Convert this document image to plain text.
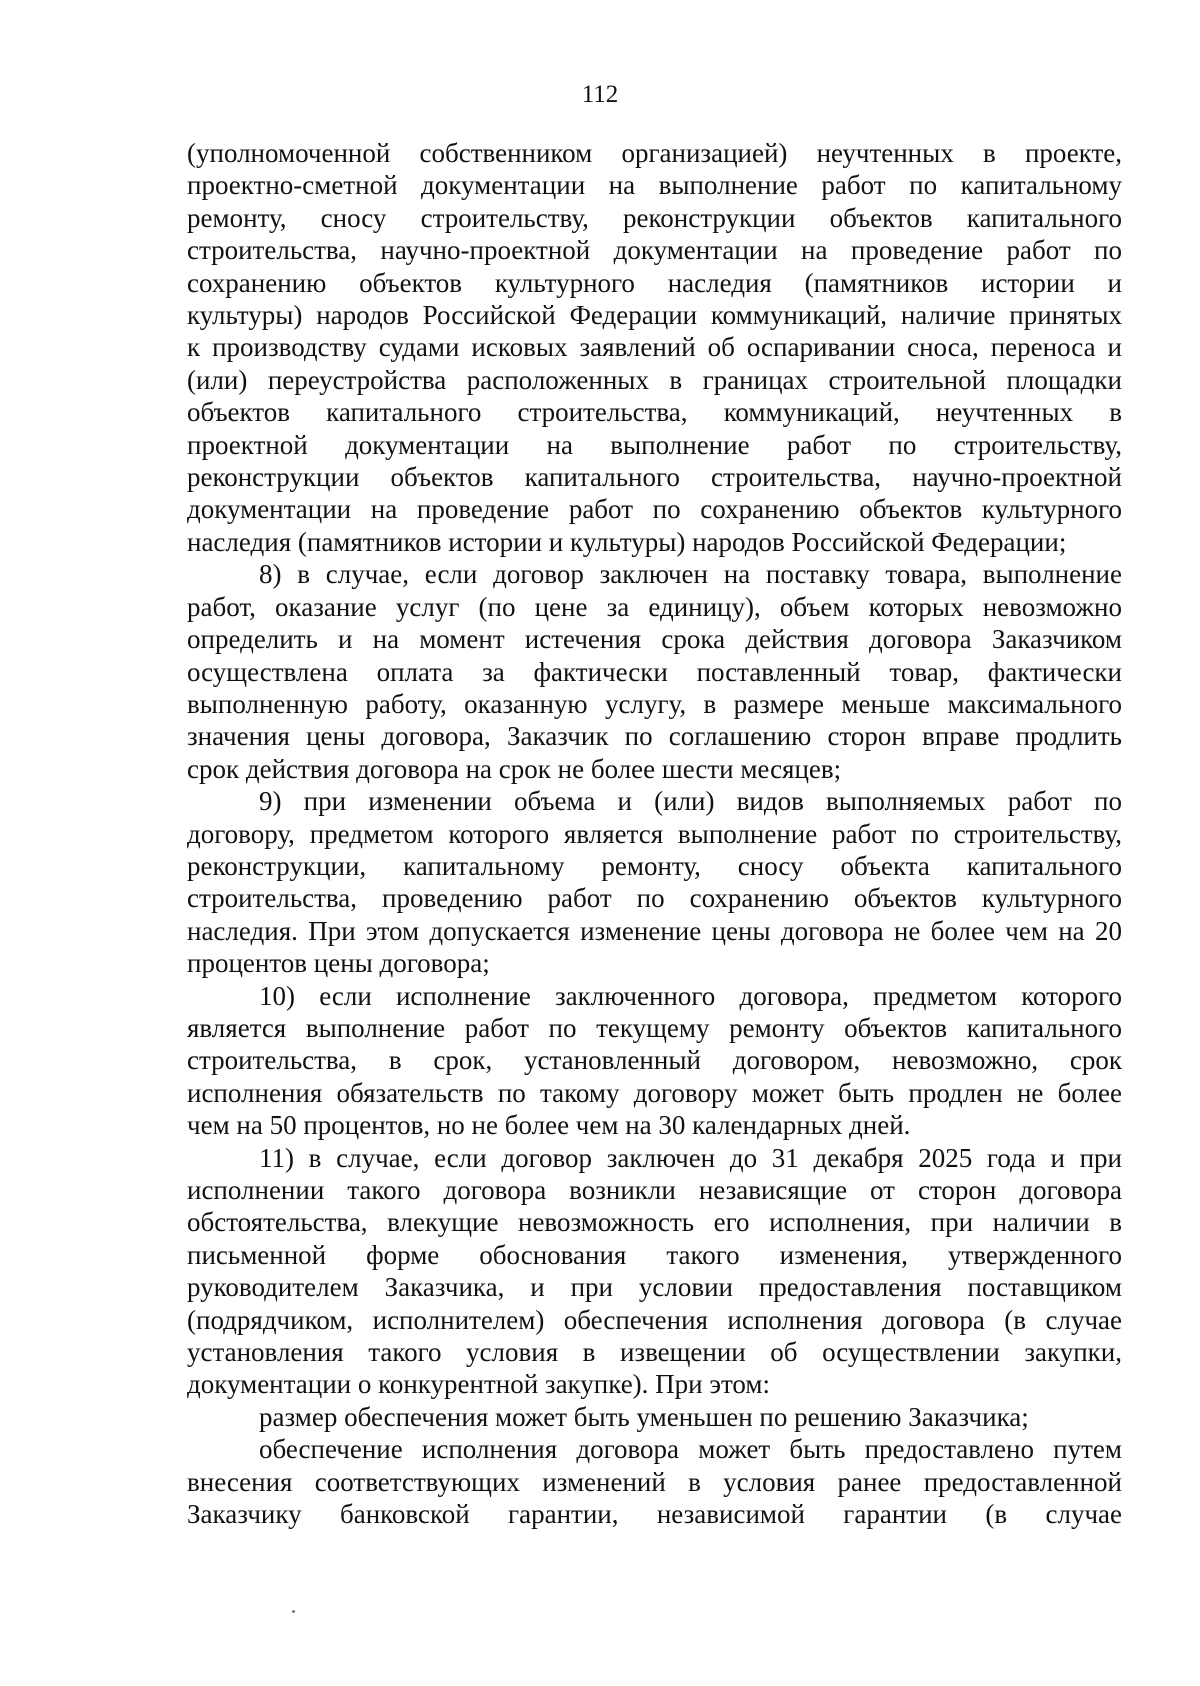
112

(уполномоченной собственником организацией) неучтенных в проекте,

проектно-сметной документации на выполнение работ по капитальному

ремонту, сносу строительству, реконструкции объектов капитального

строительства, научно-проектной документации на проведение работ по

сохранению объектов культурного наследия (памятников истории и

культуры) народов Российской Федерации коммуникаций, наличие принятых

к производству судами исковых заявлений об оспаривании сноса, переноса и

(или) переустройства расположенных в границах строительной площадки

объектов капитального строительства, коммуникаций, неучтенных в

проектной документации на выполнение работ по строительству,

реконструкции объектов капитального строительства, научно-проектной

документации на проведение работ по сохранению объектов культурного

наследия (памятников истории и культуры) народов Российской Федерации;

8) в случае, если договор заключен на поставку товара, выполнение

работ, оказание услуг (по цене за единицу), объем которых невозможно

определить и на момент истечения срока действия договора Заказчиком

осуществлена оплата за фактически поставленный товар, фактически

выполненную работу, оказанную услугу, в размере меньше максимального

значения цены договора, Заказчик по соглашению сторон вправе продлить

срок действия договора на срок не более шести месяцев;

9) при изменении объема и (или) видов выполняемых работ по

договору, предметом которого является выполнение работ по строительству,

реконструкции, капитальному ремонту, сносу объекта капитального

строительства, проведению работ по сохранению объектов культурного

наследия. При этом допускается изменение цены договора не более чем на 20

процентов цены договора;

10) если исполнение заключенного договора, предметом которого

является выполнение работ по текущему ремонту объектов капитального

строительства, в срок, установленный договором, невозможно, срок

исполнения обязательств по такому договору может быть продлен не более

чем на 50 процентов, но не более чем на 30 календарных дней.

11) в случае, если договор заключен до 31 декабря 2025 года и при

исполнении такого договора возникли независящие от сторон договора

обстоятельства, влекущие невозможность его исполнения, при наличии в

письменной форме обоснования такого изменения, утвержденного

руководителем Заказчика, и при условии предоставления поставщиком

(подрядчиком, исполнителем) обеспечения исполнения договора (в случае

установления такого условия в извещении об осуществлении закупки,

документации о конкурентной закупке). При этом:

размер обеспечения может быть уменьшен по решению Заказчика;

обеспечение исполнения договора может быть предоставлено путем

внесения соответствующих изменений в условия ранее предоставленной

Заказчику банковской гарантии, независимой гарантии (в случае
